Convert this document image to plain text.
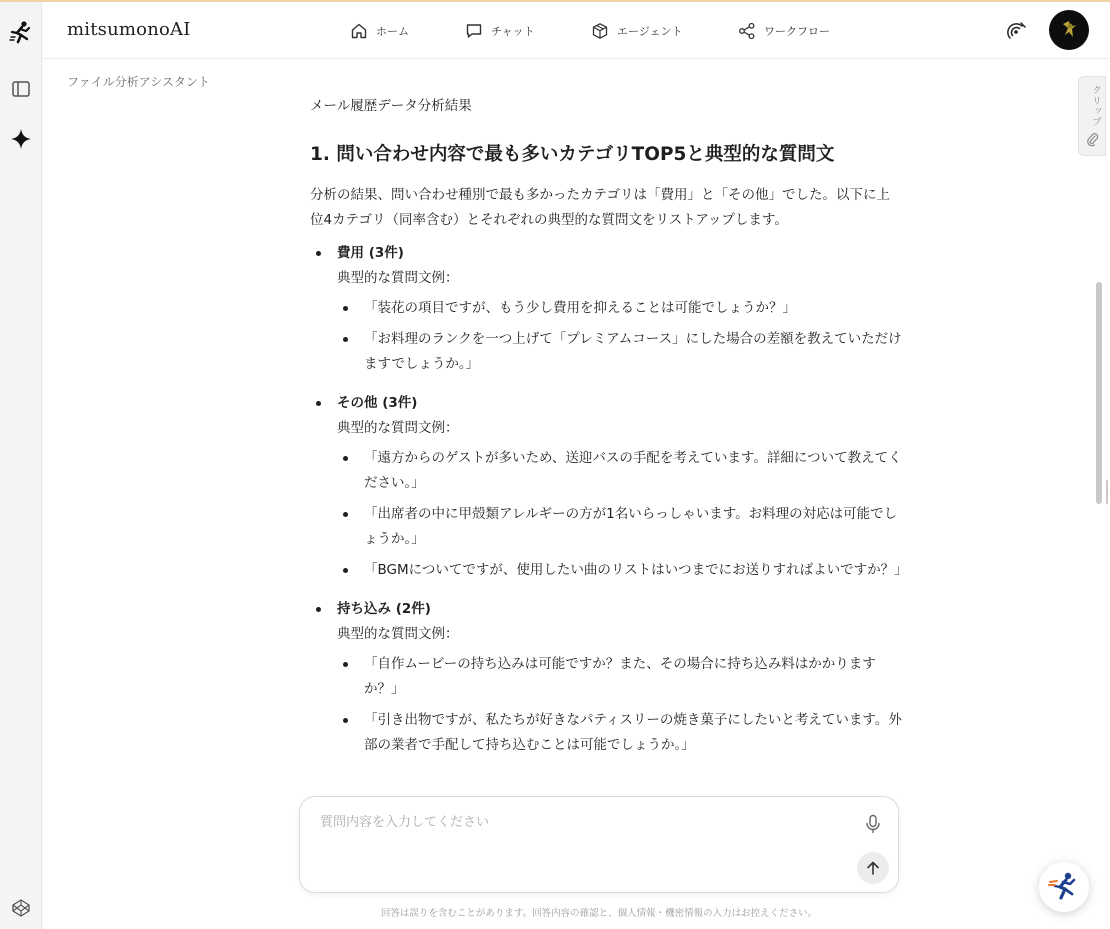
mitsumonoAI	ホーム	チャット	エージェント	ワークフロー
ファイル分析アシスタント
メール履歴データ分析結果
1. 問い合わせ内容で最も多いカテゴリTOP5と典型的な質問文
分析の結果、問い合わせ種別で最も多かったカテゴリは「費用」と「その他」でした。以下に上位4カテゴリ（同率含む）とそれぞれの典型的な質問文をリストアップします。
費用 (3件)
典型的な質問文例：
「装花の項目ですが、もう少し費用を抑えることは可能でしょうか？」
「お料理のランクを一つ上げて「プレミアムコース」にした場合の差額を教えていただけますでしょうか。」
その他 (3件)
典型的な質問文例：
「遠方からのゲストが多いため、送迎バスの手配を考えています。詳細について教えてください。」
「出席者の中に甲殻類アレルギーの方が1名いらっしゃいます。お料理の対応は可能でしょうか。」
「BGMについてですが、使用したい曲のリストはいつまでにお送りすればよいですか？」
持ち込み (2件)
典型的な質問文例：
「自作ムービーの持ち込みは可能ですか？また、その場合に持ち込み料はかかりますか？」
「引き出物ですが、私たちが好きなパティスリーの焼き菓子にしたいと考えています。外部の業者で手配して持ち込むことは可能でしょうか。」
質問内容を入力してください
回答は誤りを含むことがあります。回答内容の確認と、個人情報・機密情報の入力はお控えください。
クリップ
